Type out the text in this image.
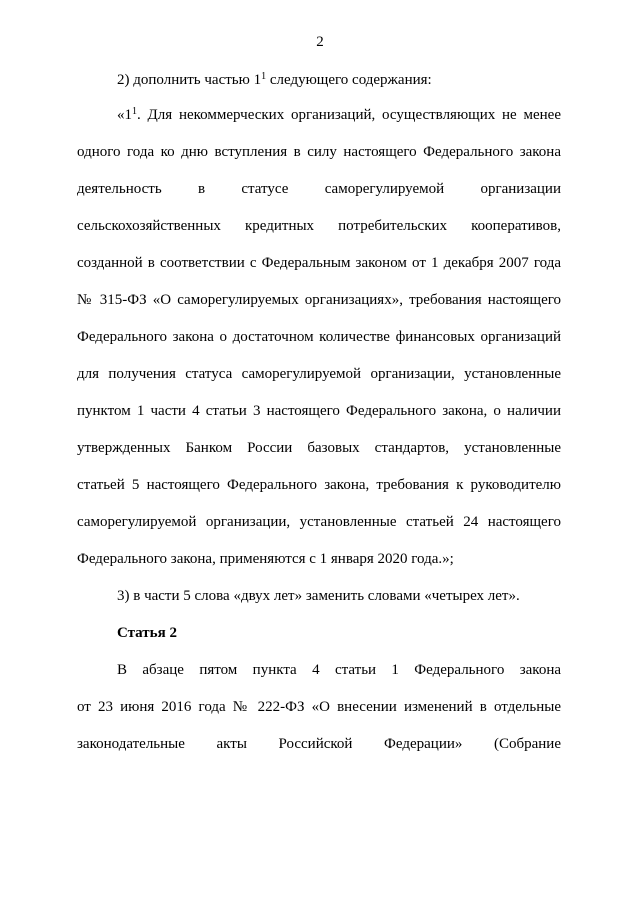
2
2) дополнить частью $1^1$ следующего содержания:
«$1^1$. Для некоммерческих организаций, осуществляющих не менее
одного года ко дню вступления в силу настоящего Федерального закона
деятельность в статусе саморегулируемой организации
сельскохозяйственных кредитных потребительских кооперативов,
созданной в соответствии с Федеральным законом от 1 декабря 2007 года
№ 315-ФЗ «О саморегулируемых организациях», требования настоящего
Федерального закона о достаточном количестве финансовых организаций
для получения статуса саморегулируемой организации, установленные
пунктом 1 части 4 статьи 3 настоящего Федерального закона, о наличии
утвержденных Банком России базовых стандартов, установленные
статьей 5 настоящего Федерального закона, требования к руководителю
саморегулируемой организации, установленные статьей 24 настоящего
Федерального закона, применяются с 1 января 2020 года.»;
3) в части 5 слова «двух лет» заменить словами «четырех лет».
Статья 2
В абзаце пятом пункта 4 статьи 1 Федерального закона
от 23 июня 2016 года № 222-ФЗ «О внесении изменений в отдельные
законодательные акты Российской Федерации» (Собрание
